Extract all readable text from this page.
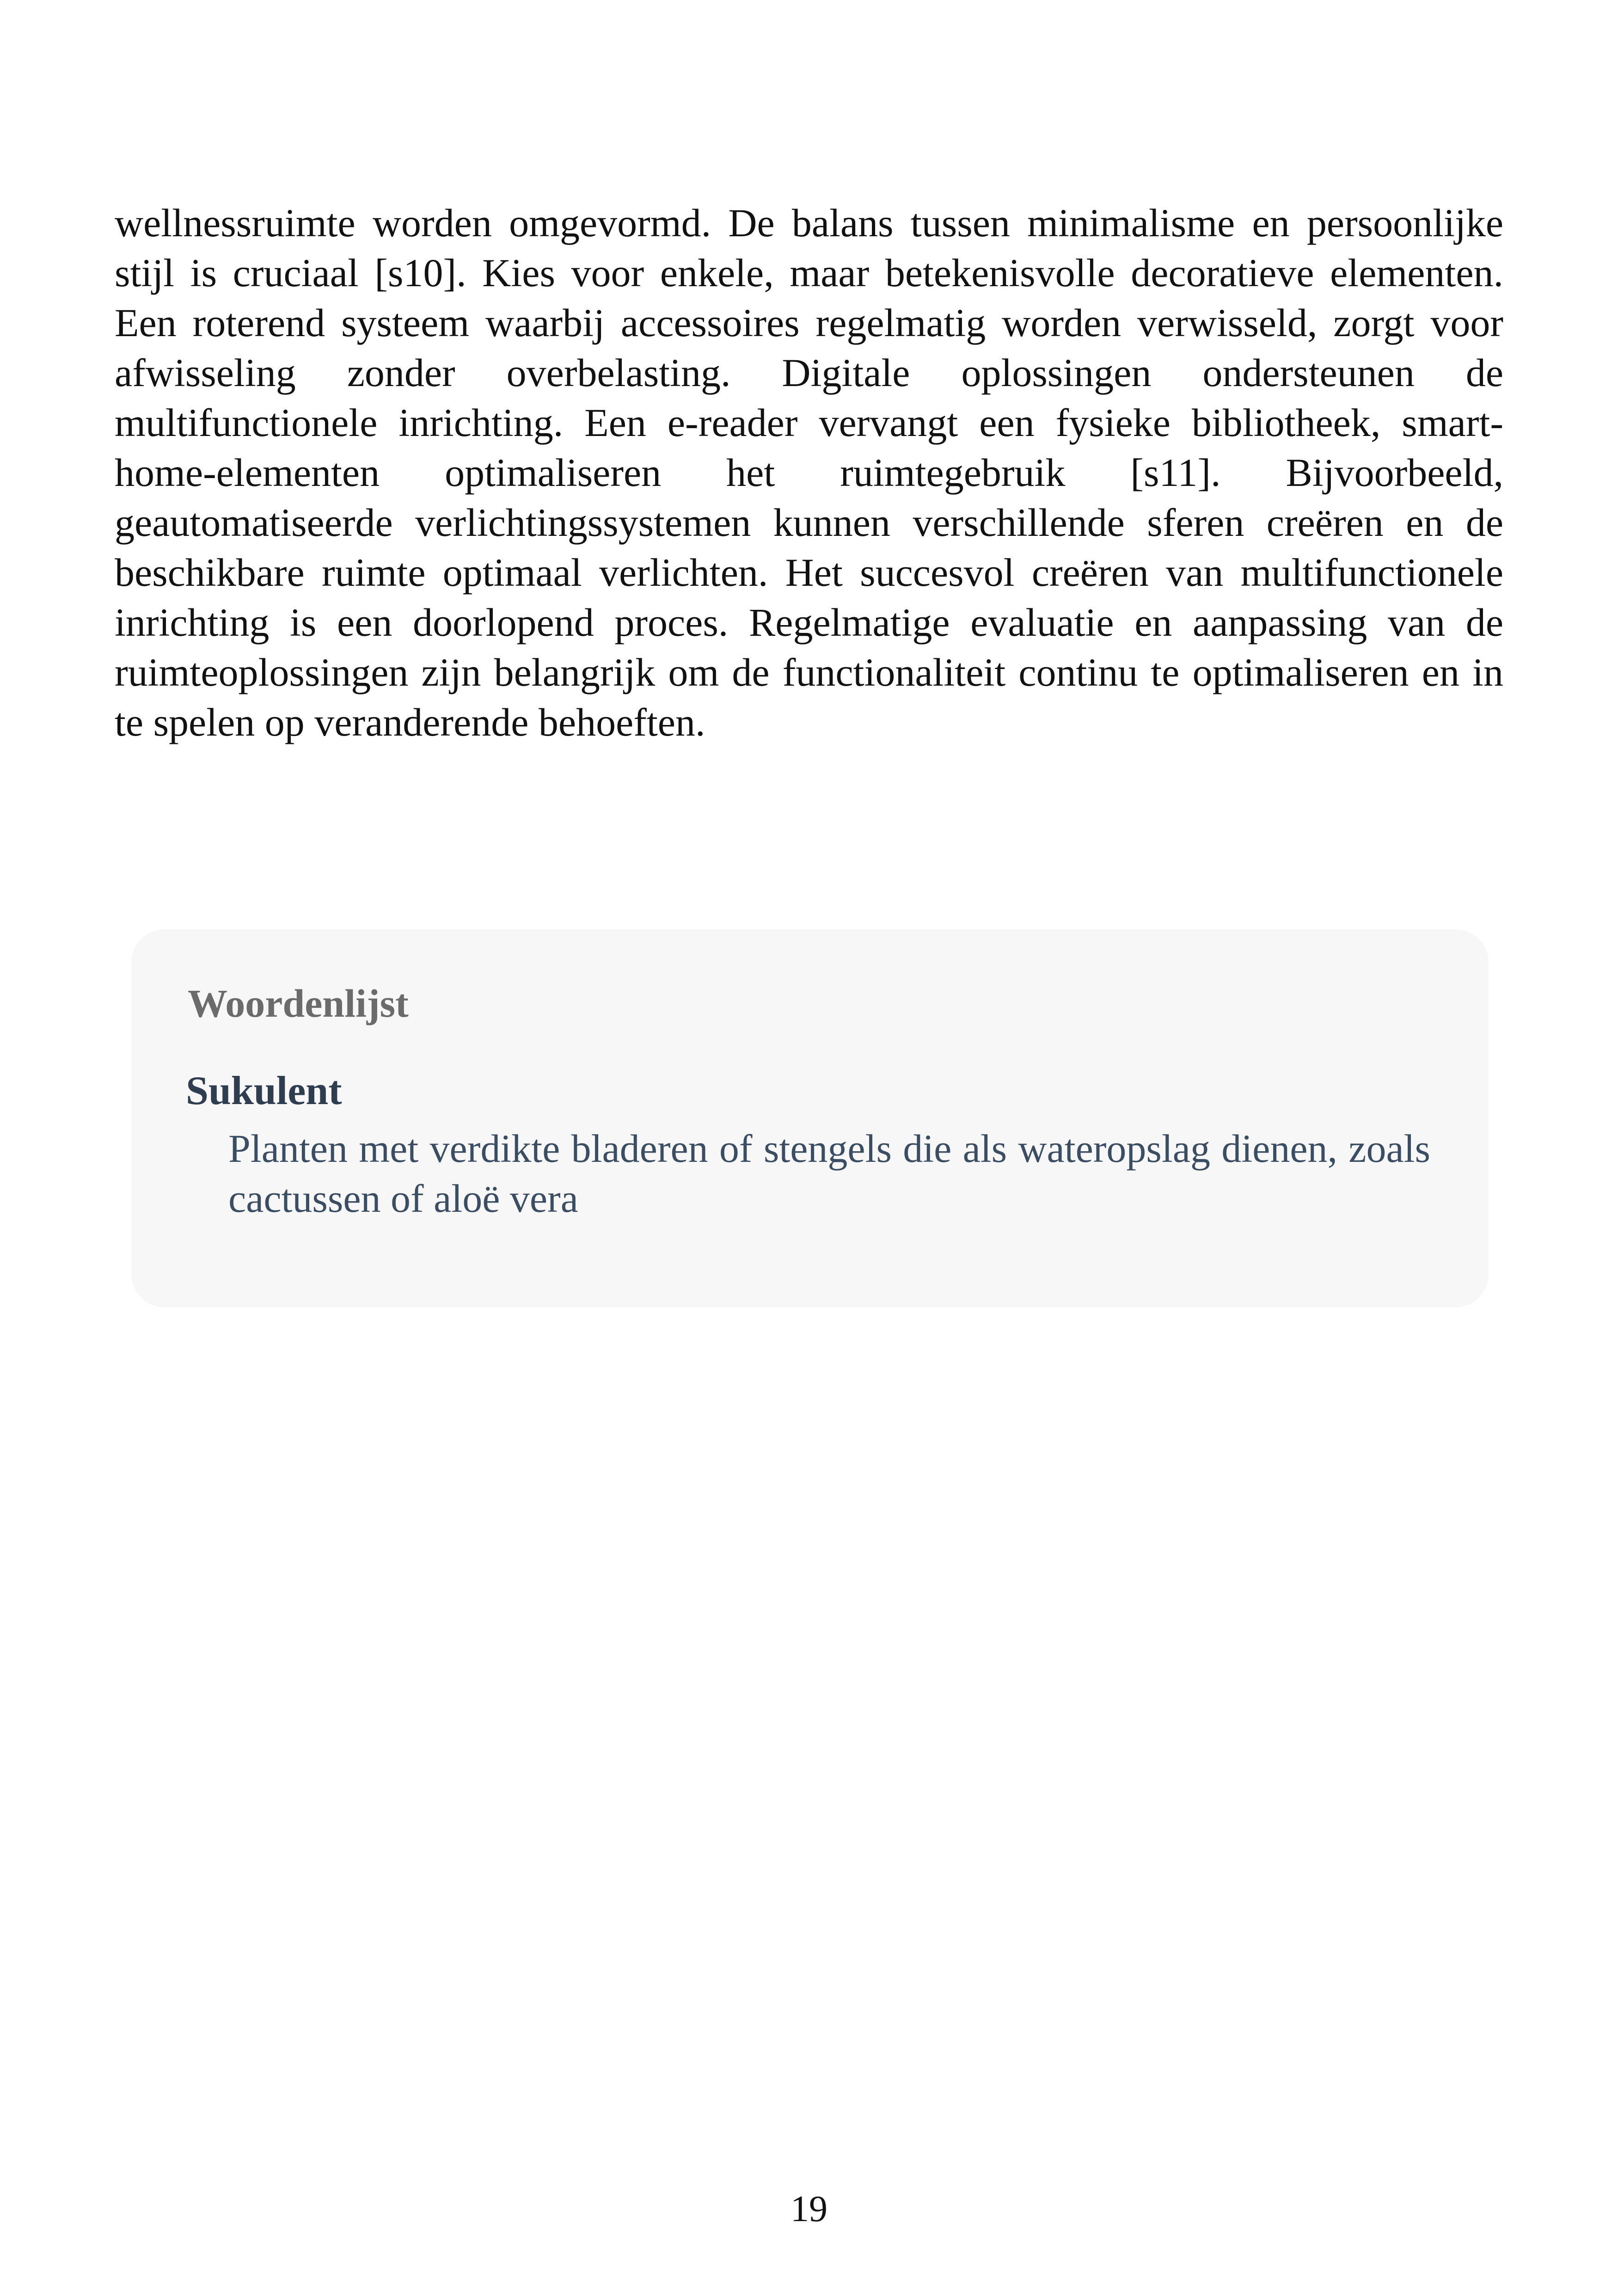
wellnessruimte worden omgevormd. De balans tussen minimalisme en persoonlijke stijl is cruciaal [s10]. Kies voor enkele, maar betekenisvolle decoratieve elementen. Een roterend systeem waarbij accessoires regelmatig worden verwisseld, zorgt voor afwisseling zonder overbelasting. Digitale oplossingen ondersteunen de multifunctionele inrichting. Een e-reader vervangt een fysieke bibliotheek, smart-home-elementen optimaliseren het ruimtegebruik [s11]. Bijvoorbeeld, geautomatiseerde verlichtingssystemen kunnen verschillende sferen creëren en de beschikbare ruimte optimaal verlichten. Het succesvol creëren van multifunctionele inrichting is een doorlopend proces. Regelmatige evaluatie en aanpassing van de ruimteoplossingen zijn belangrijk om de functionaliteit continu te optimaliseren en in te spelen op veranderende behoeften.

Woordenlijst
Sukulent

Planten met verdikte bladeren of stengels die als wateropslag dienen, zoals cactussen of aloë vera

19
